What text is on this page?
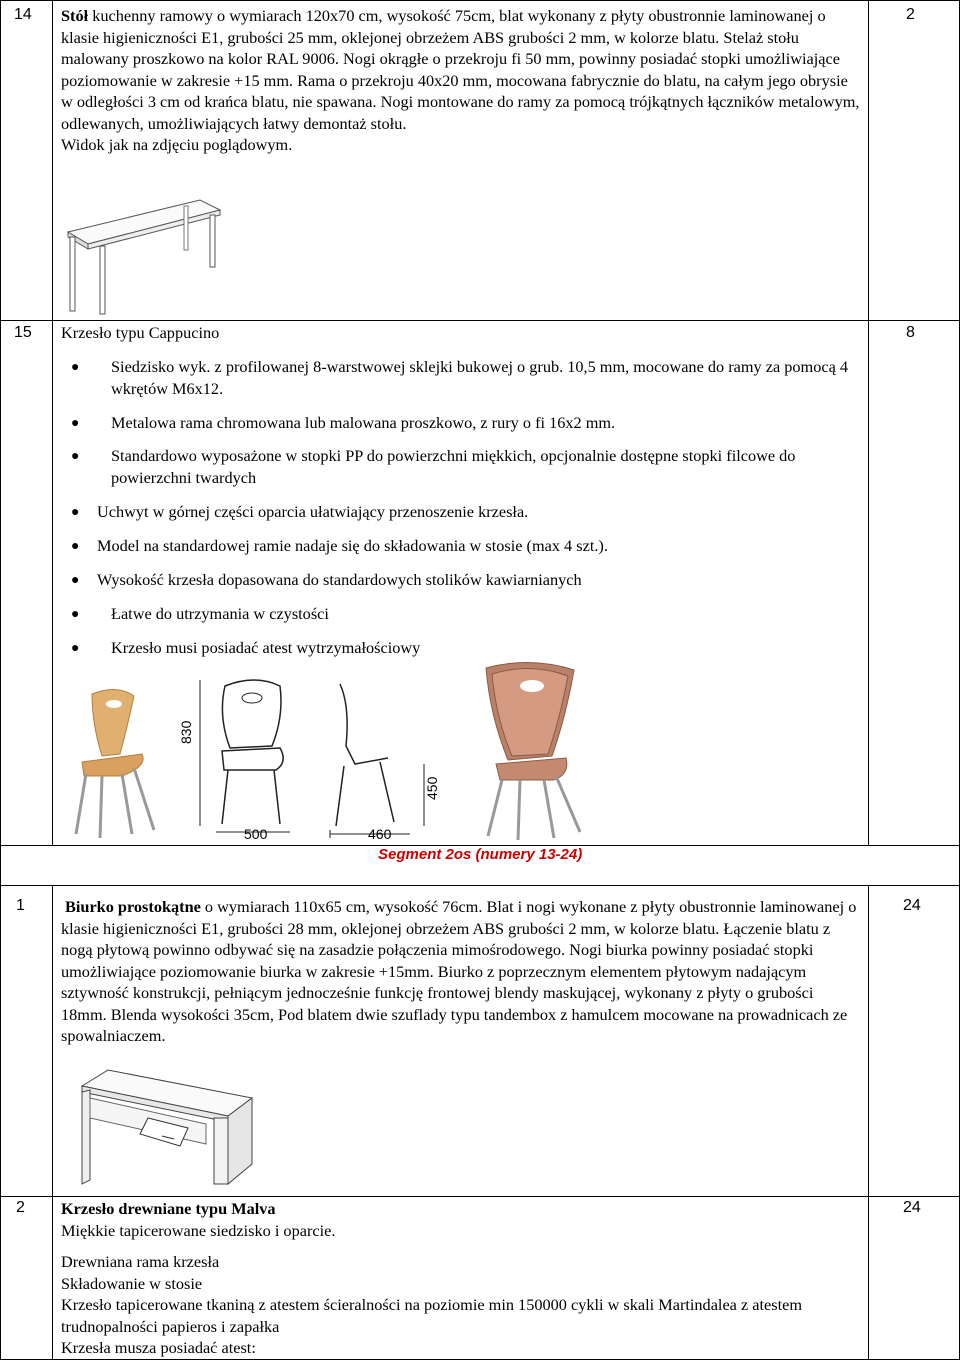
14	2
Stół kuchenny ramowy o wymiarach 120x70 cm, wysokość 75cm, blat wykonany z płyty obustronnie laminowanej o klasie higieniczności E1, grubości 25 mm, oklejonej obrzeżem ABS grubości 2 mm, w kolorze blatu. Stelaż stołu malowany proszkowo na kolor RAL 9006. Nogi okrągłe o przekroju fi 50 mm, powinny posiadać stopki umożliwiające poziomowanie w zakresie +15 mm. Rama o przekroju 40x20 mm, mocowana fabrycznie do blatu, na całym jego obrysie w odległości 3 cm od krańca blatu, nie spawana. Nogi montowane do ramy za pomocą trójkątnych łączników metalowym, odlewanych, umożliwiających łatwy demontaż stołu.
Widok jak na zdjęciu poglądowym.
15	8
Krzesło typu Cappucino
● Siedzisko wyk. z profilowanej 8-warstwowej sklejki bukowej o grub. 10,5 mm, mocowane do ramy za pomocą 4 wkrętów M6x12.
● Metalowa rama chromowana lub malowana proszkowo, z rury o fi 16x2 mm.
● Standardowo wyposażone w stopki PP do powierzchni miękkich, opcjonalnie dostępne stopki filcowe do powierzchni twardych
● Uchwyt w górnej części oparcia ułatwiający przenoszenie krzesła.
● Model na standardowej ramie nadaje się do składowania w stosie (max 4 szt.).
● Wysokość krzesła dopasowana do standardowych stolików kawiarnianych
● Łatwe do utrzymania w czystości
● Krzesło musi posiadać atest wytrzymałościowy
830
500	460
450
Segment 2os (numery 13-24)
1	24
Biurko prostokątne o wymiarach 110x65 cm, wysokość 76cm. Blat i nogi wykonane z płyty obustronnie laminowanej o klasie higieniczności E1, grubości 28 mm, oklejonej obrzeżem ABS grubości 2 mm, w kolorze blatu. Łączenie blatu z nogą płytową powinno odbywać się na zasadzie połączenia mimośrodowego. Nogi biurka powinny posiadać stopki umożliwiające poziomowanie biurka w zakresie +15mm. Biurko z poprzecznym elementem płytowym nadającym sztywność konstrukcji, pełniącym jednocześnie funkcję frontowej blendy maskującej, wykonany z płyty o grubości 18mm. Blenda wysokości 35cm, Pod blatem dwie szuflady typu tandembox z hamulcem mocowane na prowadnicach ze spowalniaczem.
2	24
Krzesło drewniane typu Malva
Miękkie tapicerowane siedzisko i oparcie.
Drewniana rama krzesła
Składowanie w stosie
Krzesło tapicerowane tkaniną z atestem ścieralności na poziomie min 150000 cykli w skali Martindalea z atestem trudnopalności papieros i zapałka
Krzesła musza posiadać atest:
